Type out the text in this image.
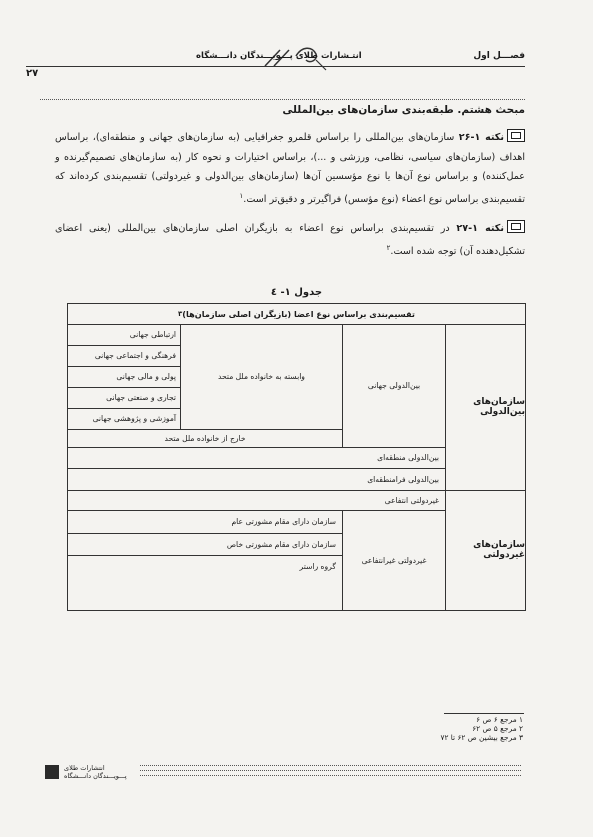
فصـــل اول
انتـشارات طلای پـــویـــندگان دانـــشگاه
۲۷
مبحث هشتم. طبقه‌بندی سازمان‌های بین‌المللی
نکته ۱-۲۶ سازمان‌های بین‌المللی را براساس قلمرو جغرافیایی (به سازمان‌های جهانی و منطقه‌ای)، براساس اهداف (سازمان‌های سیاسی، نظامی، ورزشی و ...)، براساس اختیارات و نحوه کار (به سازمان‌های تصمیم‌گیرنده و عمل‌کننده) و براساس نوع آن‌ها یا نوع مؤسسین آن‌ها (سازمان‌های بین‌الدولی و غیردولتی) تقسیم‌بندی کرده‌اند که تقسیم‌بندی براساس نوع اعضاء (نوع مؤسس) فراگیرتر و دقیق‌تر است.$^۱$
نکته ۱-۲۷ در تقسیم‌بندی براساس نوع اعضاء به بازیگران اصلی سازمان‌های بین‌المللی (یعنی اعضای تشکیل‌دهنده آن) توجه شده است.$^۲$
جدول ۱- ٤
تقسیم‌بندی براساس نوع اعضا (بازیگران اصلی سازمان‌ها)
۳
سازمان‌های بین‌الدولی
سازمان‌های غیردولتی
بین‌الدولی جهانی
وابسته به خانواده ملل متحد
ارتباطی جهانی
فرهنگی و اجتماعی جهانی
پولی و مالی جهانی
تجاری و صنعتی جهانی
آموزشی و پژوهشی جهانی
خارج از خانواده ملل متحد
بین‌الدولی منطقه‌ای
بین‌الدولی فرامنطقه‌ای
غیردولتی انتفاعی
غیردولتی غیرانتفاعی
سازمان دارای مقام مشورتی عام
سازمان دارای مقام مشورتی خاص
گروه راستر
۱ مرجع ۶ ص ۶
۲ مرجع ۵ ص ۶۲
۳ مرجع بیشین ص ۶۲ تا ۷۲
انتشارات طلای
پـــویـــندگان دانـــشگاه
